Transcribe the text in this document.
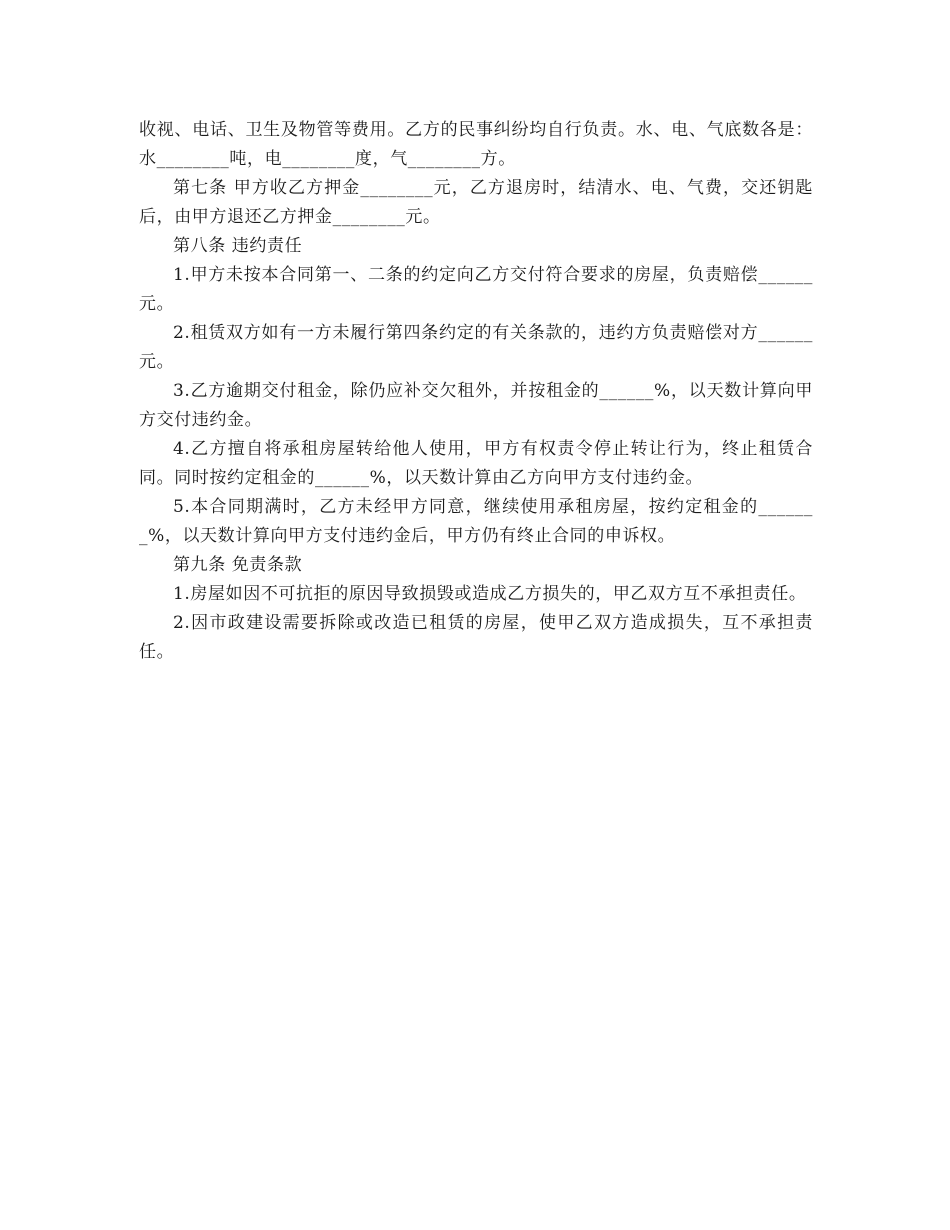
收视、电话、卫生及物管等费用。乙方的民事纠纷均自行负责。水、电、气底数各是：水________吨，电________度，气________方。

第七条 甲方收乙方押金________元，乙方退房时，结清水、电、气费，交还钥匙后，由甲方退还乙方押金________元。

第八条 违约责任

1.甲方未按本合同第一、二条的约定向乙方交付符合要求的房屋，负责赔偿______元。

2.租赁双方如有一方未履行第四条约定的有关条款的，违约方负责赔偿对方______元。

3.乙方逾期交付租金，除仍应补交欠租外，并按租金的______%，以天数计算向甲方交付违约金。

4.乙方擅自将承租房屋转给他人使用，甲方有权责令停止转让行为，终止租赁合同。同时按约定租金的______%，以天数计算由乙方向甲方支付违约金。

5.本合同期满时，乙方未经甲方同意，继续使用承租房屋，按约定租金的_______%，以天数计算向甲方支付违约金后，甲方仍有终止合同的申诉权。

第九条 免责条款

1.房屋如因不可抗拒的原因导致损毁或造成乙方损失的，甲乙双方互不承担责任。

2.因市政建设需要拆除或改造已租赁的房屋，使甲乙双方造成损失，互不承担责任。
